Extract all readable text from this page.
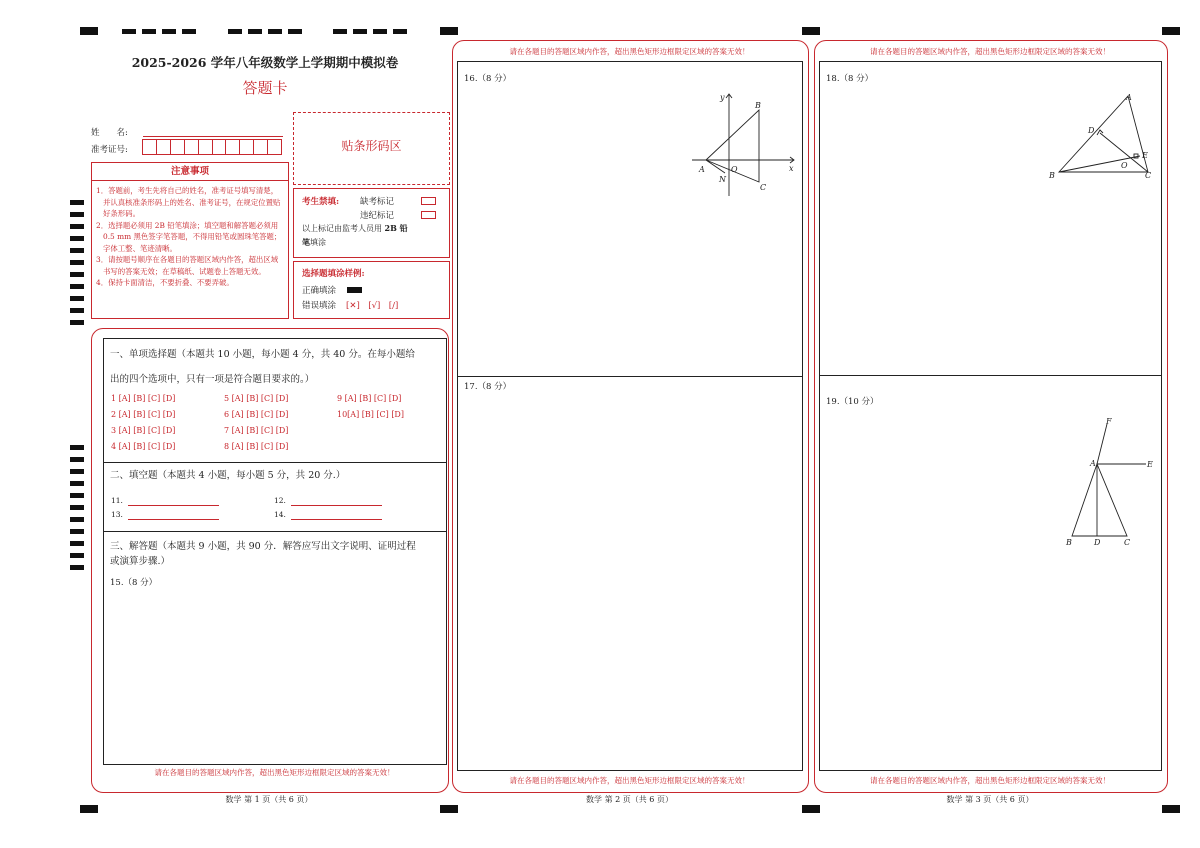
2025-2026 学年八年级数学上学期期中模拟卷
答题卡
姓　　名:
准考证号:	贴条形码区
注意事项
1．答题前，考生先将自己的姓名，准考证号填写清楚，并认真核准条形码上的姓名、准考证号，在规定位置贴好条形码。
2．选择题必须用 2B 铅笔填涂；填空题和解答题必须用 0.5 mm 黑色签字笔答题，不得用铅笔或圆珠笔答题；字体工整、笔迹清晰。
3．请按题号顺序在各题目的答题区域内作答，超出区域书写的答案无效；在草稿纸、试题卷上答题无效。
4．保持卡面清洁，不要折叠、不要弄破。
考生禁填: 缺考标记
违纪标记
以上标记由监考人员用 2B 铅
笔填涂
选择题填涂样例:
正确填涂
错误填涂 [✕]　[√]　[/]
一、单项选择题（本题共 10 小题，每小题 4 分，共 40 分。在每小题给
出的四个选项中，只有一项是符合题目要求的。）
1 [A] [B] [C] [D]
2 [A] [B] [C] [D]
3 [A] [B] [C] [D]
4 [A] [B] [C] [D]
5 [A] [B] [C] [D]
6 [A] [B] [C] [D]
7 [A] [B] [C] [D]
8 [A] [B] [C] [D]
9 [A] [B] [C] [D]
10[A] [B] [C] [D]
二、填空题（本题共 4 小题，每小题 5 分，共 20 分.）
11.	12.
13.	14.
三、解答题（本题共 9 小题，共 90 分．解答应写出文字说明、证明过程
或演算步骤.）
15.（8 分）
请在各题目的答题区域内作答，超出黑色矩形边框限定区域的答案无效！
数学 第 1 页（共 6 页）
请在各题目的答题区域内作答，超出黑色矩形边框限定区域的答案无效！
16.（8 分）
17.（8 分）
y
x
A
B
O
N
C
请在各题目的答题区域内作答，超出黑色矩形边框限定区域的答案无效！
数学 第 2 页（共 6 页）
请在各题目的答题区域内作答，超出黑色矩形边框限定区域的答案无效！
18.（8 分）
19.（10 分）
A
D
E
O
B	C
F
A	E
B	D	C
请在各题目的答题区域内作答，超出黑色矩形边框限定区域的答案无效！
数学 第 3 页（共 6 页）
